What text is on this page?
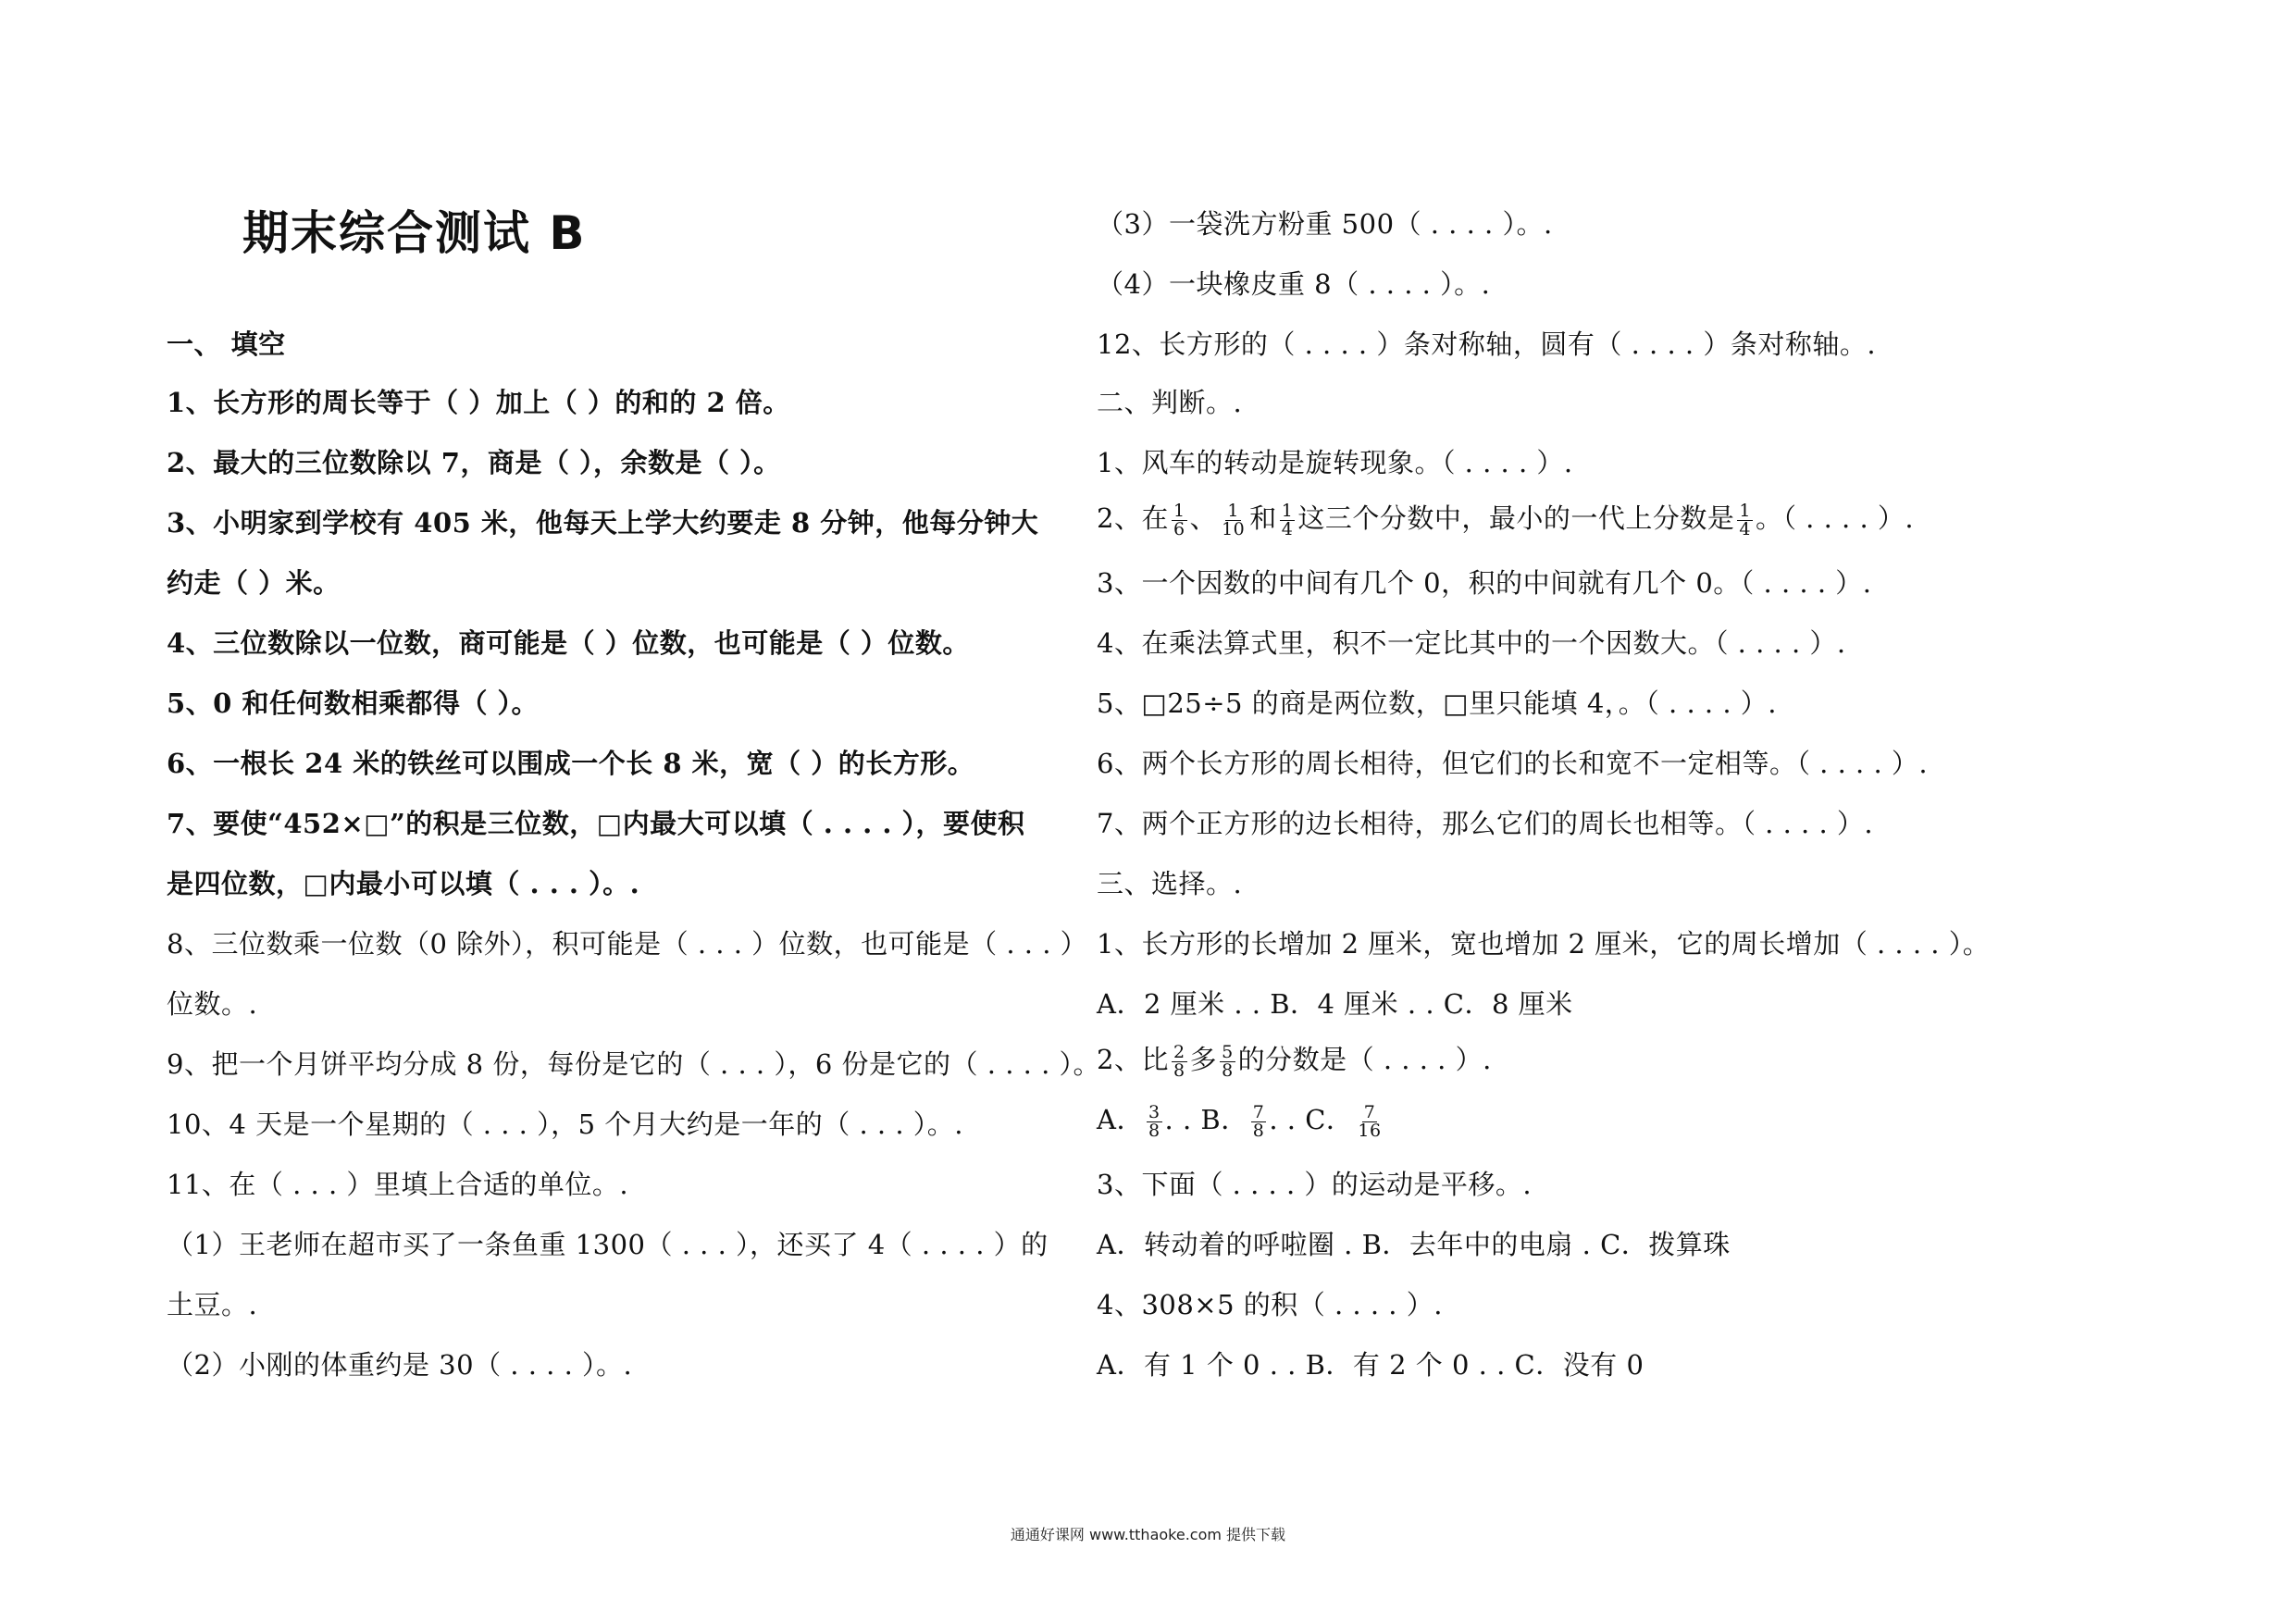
期末综合测试 B
一、 填空
1、长方形的周长等于（ ）加上（ ）的和的 2 倍。
2、最大的三位数除以 7，商是（ ），余数是（ ）。
3、小明家到学校有 405 米，他每天上学大约要走 8 分钟，他每分钟大
约走（ ）米。
4、三位数除以一位数，商可能是（ ）位数，也可能是（ ）位数。
5、0 和任何数相乘都得（ ）。
6、一根长 24 米的铁丝可以围成一个长 8 米，宽（ ）的长方形。
7、要使“452×□”的积是三位数，□内最大可以填（ . . . . ），要使积
是四位数，□内最小可以填（ . . . ）。.
8、三位数乘一位数（0 除外），积可能是（ . . . ）位数，也可能是（ . . . ）
位数。.
9、把一个月饼平均分成 8 份，每份是它的（ . . . ），6 份是它的（ . . . . ）。
10、4 天是一个星期的（ . . . ），5 个月大约是一年的（ . . . ）。.
11、在（ . . . ）里填上合适的单位。.
（1）王老师在超市买了一条鱼重 1300（ . . . ），还买了 4（ . . . . ）的
土豆。.
（2）小刚的体重约是 30（ . . . . ）。.
（3）一袋洗方粉重 500（ . . . . ）。.
（4）一块橡皮重 8（ . . . . ）。.
12、长方形的（ . . . . ）条对称轴，圆有（ . . . . ）条对称轴。.
二、判断。.
1、风车的转动是旋转现象。（ . . . . ）.
2、在 $\frac{1}{6}$ 、 $\frac{1}{10}$ 和 $\frac{1}{4}$ 这三个分数中，最小的一代上分数是 $\frac{1}{4}$ 。（ . . . . ）.
3、一个因数的中间有几个 0，积的中间就有几个 0。（ . . . . ）.
4、在乘法算式里，积不一定比其中的一个因数大。（ . . . . ）.
5、□25÷5 的商是两位数，□里只能填 4，。（ . . . . ）.
6、两个长方形的周长相待，但它们的长和宽不一定相等。（ . . . . ）.
7、两个正方形的边长相待，那么它们的周长也相等。（ . . . . ）.
三、选择。.
1、长方形的长增加 2 厘米，宽也增加 2 厘米，它的周长增加（ . . . . ）。
A．2 厘米 . . B．4 厘米 . . C．8 厘米
2、比 $\frac{2}{8}$ 多 $\frac{5}{8}$ 的分数是（ . . . . ）.
A． $\frac{3}{8}$ . . B． $\frac{7}{8}$ . . C． $\frac{7}{16}$
3、下面（ . . . . ）的运动是平移。.
A．转动着的呼啦圈 . B．去年中的电扇 . C．拨算珠
4、308×5 的积（ . . . . ）.
A．有 1 个 0 . . B．有 2 个 0 . . C．没有 0
通通好课网 www.tthaoke.com 提供下载
